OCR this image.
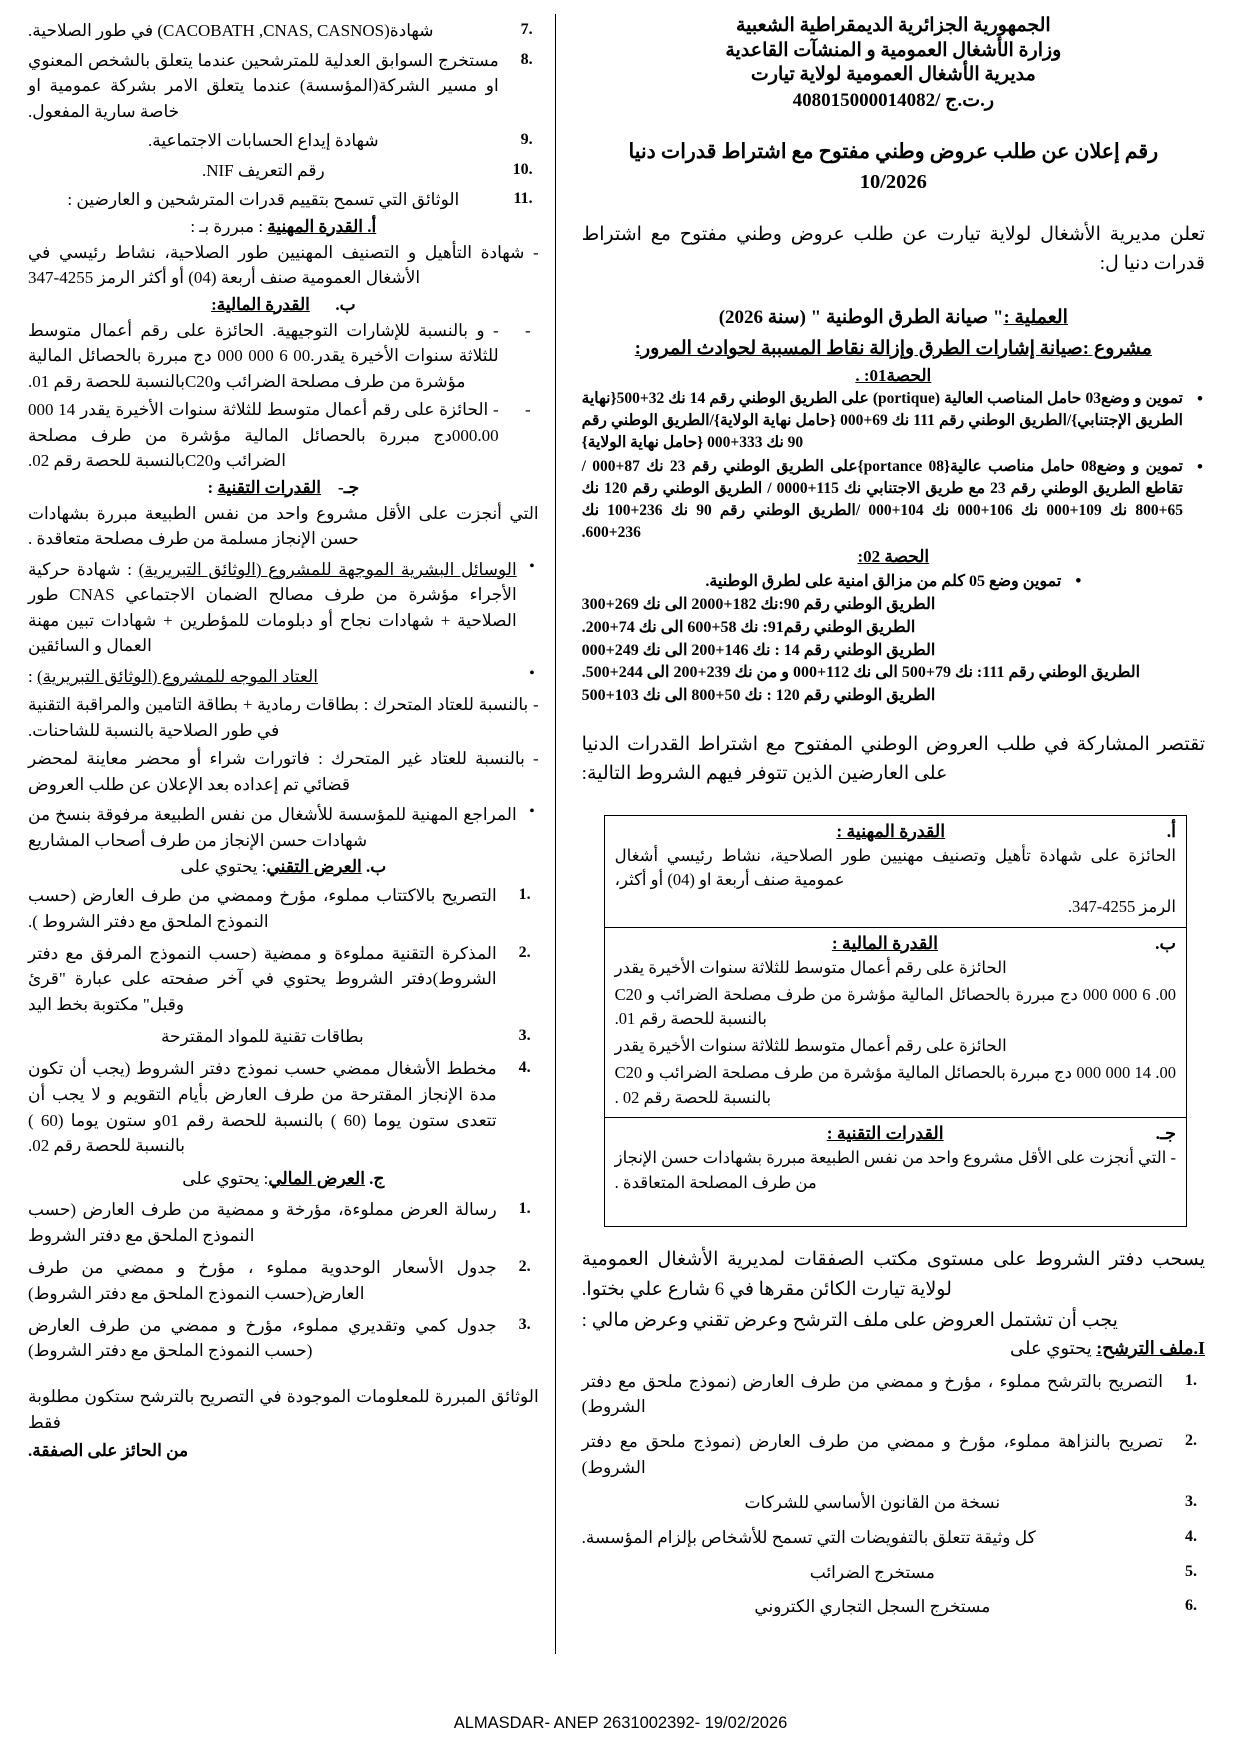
الجمهورية الجزائرية الديمقراطية الشعبية
وزارة الأشغال العمومية و المنشآت القاعدية
مديرية الأشغال العمومية لولاية تيارت
ر.ت.ج /408015000014082
رقم إعلان عن طلب عروض وطني مفتوح مع اشتراط قدرات دنيا
10/2026
تعلن مديرية الأشغال لولاية تيارت عن طلب عروض وطني مفتوح مع اشتراط قدرات دنيا ل:
العملية :" صيانة الطرق الوطنية " (سنة 2026)
مشروع :صيانة إشارات الطرق وإزالة نقاط المسببة لحوادث المرور:
الحصة01: .
• تموين و وضع03 حامل المناصب العالية (portique) على الطريق الوطني رقم 14 نك 32+500{نهاية الطريق الإجتنابي}/الطريق الوطني رقم 111 نك 69+000 {حامل نهاية الولاية}/الطريق الوطني رقم 90 نك 333+000 {حامل نهاية الولاية}
• تموين و وضع08 حامل مناصب عالية{portance 08}على الطريق الوطني رقم 23 نك 87+000 / تقاطع الطريق الوطني رقم 23 مع طريق الاجتنابي نك 115+0000 / الطريق الوطني رقم 120 نك 65+800 نك 109+000 نك 106+000 نك 104+000 /الطريق الوطني رقم 90 نك 236+100 نك 236+600.
الحصة 02:
• تموين وضع 05 كلم من مزالق امنية على لطرق الوطنية.
الطريق الوطني رقم 90:نك 182+2000 الى نك 269+300
الطريق الوطني رقم91: نك 58+600 الى نك 74+200.
الطريق الوطني رقم 14 : نك 146+200 الى نك 249+000
الطريق الوطني رقم 111: نك 79+500 الى نك 112+000 و من نك 239+200 الى 244+500.
الطريق الوطني رقم 120 : نك 50+800 الى نك 103+500
تقتصر المشاركة في طلب العروض الوطني المفتوح مع اشتراط القدرات الدنيا على العارضين الذين تتوفر فيهم الشروط التالية:
أ.
القدرة المهنية :
الحائزة على شهادة تأهيل وتصنيف مهنيين طور الصلاحية، نشاط رئيسي أشغال عمومية صنف أربعة او (04) أو أكثر،
الرمز 4255-347.
ب.
القدرة المالية :
الحائزة على رقم أعمال متوسط للثلاثة سنوات الأخيرة يقدر
00. 6 000 000 دج مبررة بالحصائل المالية مؤشرة من طرف مصلحة الضرائب و C20 بالنسبة للحصة رقم 01.
الحائزة على رقم أعمال متوسط للثلاثة سنوات الأخيرة يقدر
00. 14 000 000 دج مبررة بالحصائل المالية مؤشرة من طرف مصلحة الضرائب و C20 بالنسبة للحصة رقم 02 .
جـ.
القدرات التقنية :
- التي أنجزت على الأقل مشروع واحد من نفس الطبيعة مبررة بشهادات حسن الإنجاز من طرف المصلحة المتعاقدة .
يسحب دفتر الشروط على مستوى مكتب الصفقات لمديرية الأشغال العمومية لولاية تيارت الكائن مقرها في 6 شارع علي بختوا.
يجب أن تشتمل العروض على ملف الترشح وعرض تقني وعرض مالي :
I.ملف الترشح: يحتوي على
التصريح بالترشح مملوء ، مؤرخ و ممضي من طرف العارض (نموذج ملحق مع دفتر الشروط)
تصريح بالنزاهة مملوء، مؤرخ و ممضي من طرف العارض (نموذج ملحق مع دفتر الشروط)
نسخة من القانون الأساسي للشركات
كل وثيقة تتعلق بالتفويضات التي تسمح للأشخاص بإلزام المؤسسة.
مستخرج الضرائب
مستخرج السجل التجاري الكتروني
7.
شهادة(CACOBATH ,CNAS, CASNOS) في طور الصلاحية.
8.
مستخرج السوابق العدلية للمترشحين عندما يتعلق بالشخص المعنوي او مسير الشركة(المؤسسة) عندما يتعلق الامر بشركة عمومية او خاصة سارية المفعول.
9.
شهادة إيداع الحسابات الاجتماعية.
10.
رقم التعريف NIF.
11.
الوثائق التي تسمح بتقييم قدرات المترشحين و العارضين :
أ. القدرة المهنية : مبررة بـ :
- شهادة التأهيل و التصنيف المهنيين طور الصلاحية، نشاط رئيسي في الأشغال العمومية صنف أربعة (04) أو أكثر الرمز 4255-347
ب.      القدرة المالية:
- - و بالنسبة للإشارات التوجيهية. الحائزة على رقم أعمال متوسط للثلاثة سنوات الأخيرة يقدر.00 6 000 000 دج مبررة بالحصائل المالية مؤشرة من طرف مصلحة الضرائب وC20بالنسبة للحصة رقم 01.
- - الحائزة على رقم أعمال متوسط للثلاثة سنوات الأخيرة يقدر 14 000 000.00دج مبررة بالحصائل المالية مؤشرة من طرف مصلحة الضرائب وC20بالنسبة للحصة رقم 02.
جـ-    القدرات التقنية :
التي أنجزت على الأقل مشروع واحد من نفس الطبيعة مبررة بشهادات حسن الإنجاز مسلمة من طرف مصلحة متعاقدة .
• الوسائل البشرية الموجهة للمشروع (الوثائق التبريرية) : شهادة حركية الأجراء مؤشرة من طرف مصالح الضمان الاجتماعي CNAS طور الصلاحية + شهادات نجاح أو دبلومات للمؤطرين + شهادات تبين مهنة العمال و السائقين
• العتاد الموجه للمشروع (الوثائق التبريرية) :
- بالنسبة للعتاد المتحرك : بطاقات رمادية + بطاقة التامين والمراقبة التقنية في طور الصلاحية بالنسبة للشاحنات.
- بالنسبة للعتاد غير المتحرك : فاتورات شراء أو محضر معاينة لمحضر قضائي تم إعداده بعد الإعلان عن طلب العروض
• المراجع المهنية للمؤسسة للأشغال من نفس الطبيعة مرفوقة بنسخ من شهادات حسن الإنجاز من طرف أصحاب المشاريع
ب. العرض التقني: يحتوي على
التصريح بالاكتتاب مملوء، مؤرخ وممضي من طرف العارض (حسب النموذج الملحق مع دفتر الشروط ).
المذكرة التقنية مملوءة و ممضية (حسب النموذج المرفق مع دفتر الشروط)دفتر الشروط يحتوي في آخر صفحته على عبارة "قرئ وقبل" مكتوبة بخط اليد
بطاقات تقنية للمواد المقترحة
مخطط الأشغال ممضي حسب نموذج دفتر الشروط (يجب أن تكون مدة الإنجاز المقترحة من طرف العارض بأيام التقويم و لا يجب أن تتعدى ستون يوما (60 ) بالنسبة للحصة رقم 01و ستون يوما (60 ) بالنسبة للحصة رقم 02.
ج. العرض المالي: يحتوي على
رسالة العرض مملوءة، مؤرخة و ممضية من طرف العارض (حسب النموذج الملحق مع دفتر الشروط
جدول الأسعار الوحدوية مملوء ، مؤرخ و ممضي من طرف العارض(حسب النموذج الملحق مع دفتر الشروط)
جدول كمي وتقديري مملوء، مؤرخ و ممضي من طرف العارض (حسب النموذج الملحق مع دفتر الشروط)
الوثائق المبررة للمعلومات الموجودة في التصريح بالترشح ستكون مطلوبة فقط
من الحائز على الصفقة.
ALMASDAR- ANEP 2631002392- 19/02/2026
